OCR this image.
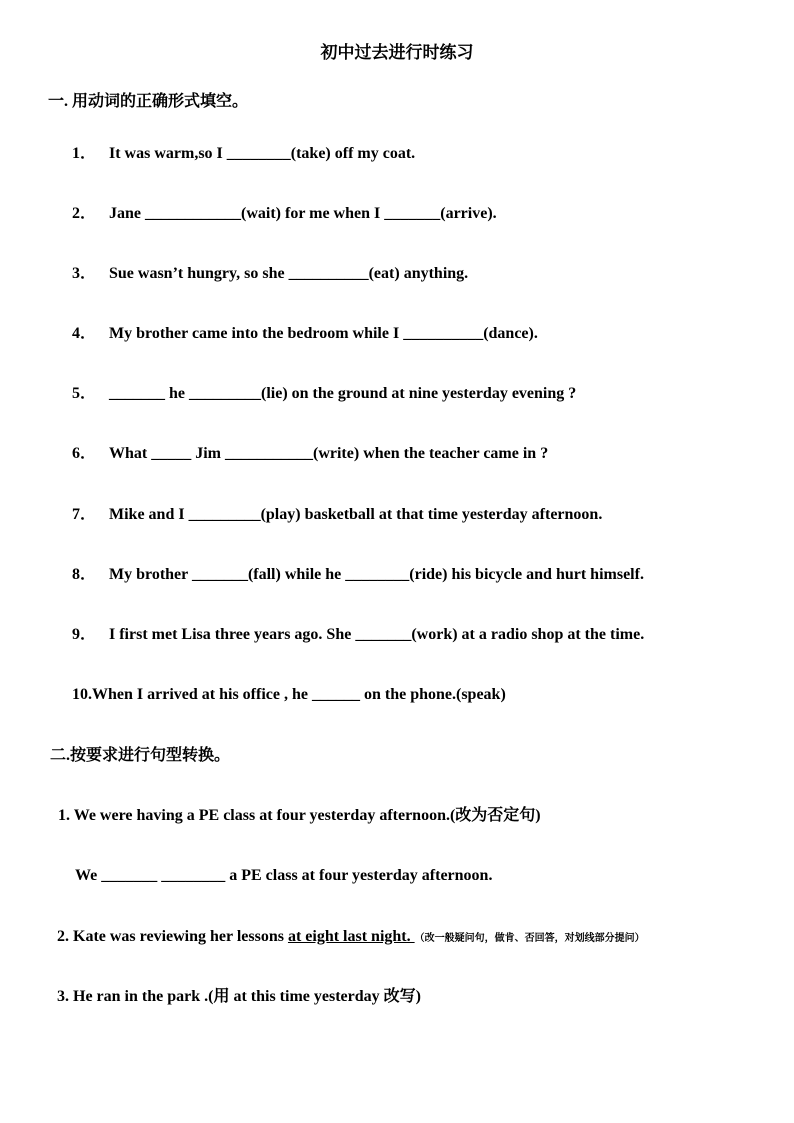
初中过去进行时练习
一. 用动词的正确形式填空。
1． It was warm,so I ________(take) off my coat.
2． Jane ____________(wait) for me when I _______(arrive).
3． Sue wasn’t hungry, so she __________(eat) anything.
4． My brother came into the bedroom while I __________(dance).
5． _______ he _________(lie) on the ground at nine yesterday evening ?
6． What _____ Jim ___________(write) when the teacher came in ?
7． Mike and I _________(play) basketball at that time yesterday afternoon.
8． My brother _______(fall) while he ________(ride) his bicycle and hurt himself.
9． I first met Lisa three years ago. She _______(work) at a radio shop at the time.
10.When I arrived at his office , he ______ on the phone.(speak)
二.按要求进行句型转换。
1. We were having a PE class at four yesterday afternoon.(改为否定句)
We _______ ________ a PE class at four yesterday afternoon.
2. Kate was reviewing her lessons at eight last night. （改一般疑问句，做肯、否回答，对划线部分提问）
3. He ran in the park .(用 at this time yesterday 改写)
